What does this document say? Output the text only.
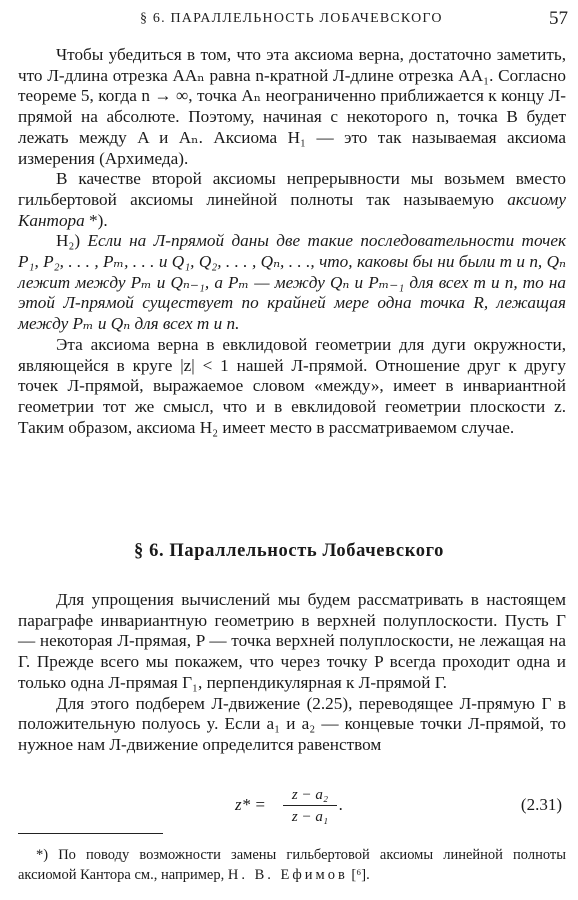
§ 6. ПАРАЛЛЕЛЬНОСТЬ ЛОБАЧЕВСКОГО	57

Чтобы убедиться в том, что эта аксиома верна, достаточно заметить, что Л-длина отрезка AAₙ равна n-кратной Л-длине отрезка AA₁. Согласно теореме 5, когда n → ∞, точка Aₙ неограниченно приближается к концу Л-прямой на абсолюте. Поэтому, начиная с некоторого n, точка B будет лежать между A и Aₙ. Аксиома H₁ — это так называемая аксиома измерения (Архимеда).

В качестве второй аксиомы непрерывности мы возьмем вместо гильбертовой аксиомы линейной полноты так называемую аксиому Кантора *).

H₂) Если на Л-прямой даны две такие последовательности точек P₁, P₂, . . . , Pₘ, . . . и Q₁, Q₂, . . . , Qₙ, . . ., что, каковы бы ни были m и n, Qₙ лежит между Pₘ и Qₙ₋₁, а Pₘ — между Qₙ и Pₘ₋₁ для всех m и n, то на этой Л-прямой существует по крайней мере одна точка R, лежащая между Pₘ и Qₙ для всех m и n.

Эта аксиома верна в евклидовой геометрии для дуги окружности, являющейся в круге |z| < 1 нашей Л-прямой. Отношение друг к другу точек Л-прямой, выражаемое словом «между», имеет в инвариантной геометрии тот же смысл, что и в евклидовой геометрии плоскости z. Таким образом, аксиома H₂ имеет место в рассматриваемом случае.

§ 6. Параллельность Лобачевского

Для упрощения вычислений мы будем рассматривать в настоящем параграфе инвариантную геометрию в верхней полуплоскости. Пусть Γ — некоторая Л-прямая, P — точка верхней полуплоскости, не лежащая на Γ. Прежде всего мы покажем, что через точку P всегда проходит одна и только одна Л-прямая Γ₁, перпендикулярная к Л-прямой Γ.

Для этого подберем Л-движение (2.25), переводящее Л-прямую Γ в положительную полуось y. Если a₁ и a₂ — концевые точки Л-прямой, то нужное нам Л-движение определится равенством

z* =	z − a₂
z − a₁
.	(2.31)

*) По поводу возможности замены гильбертовой аксиомы линейной полноты аксиомой Кантора см., например, Н. В. Ефимов [⁶].
